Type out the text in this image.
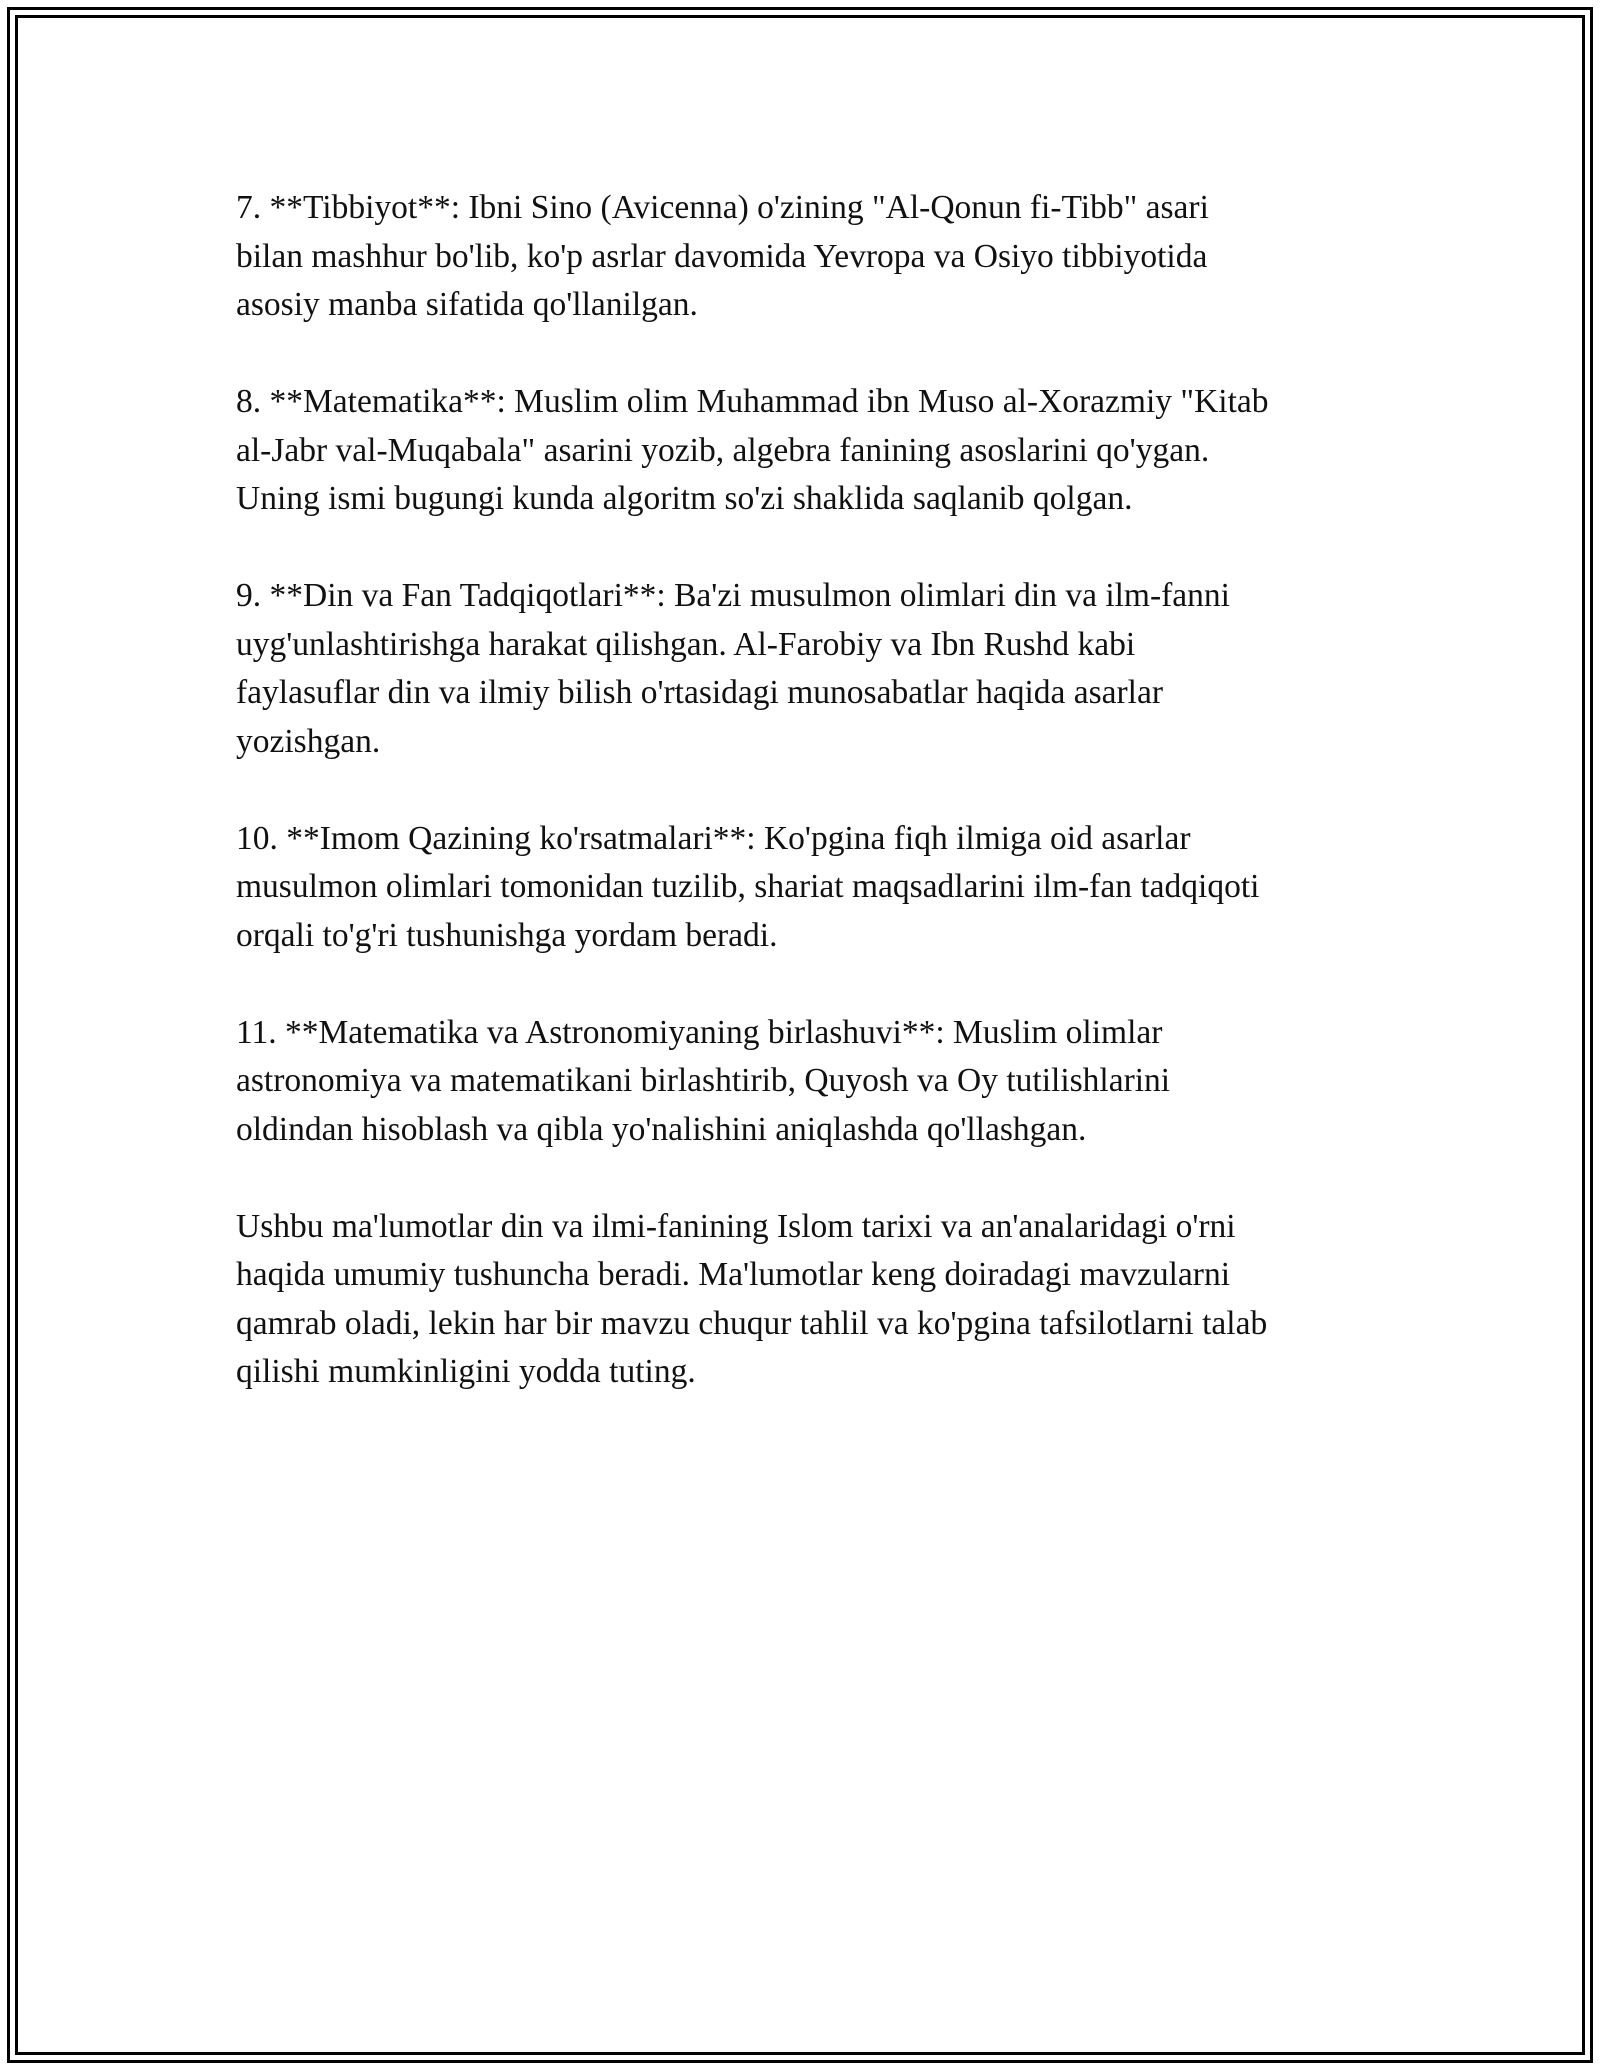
7. **Tibbiyot**: Ibni Sino (Avicenna) o'zining "Al-Qonun fi-Tibb" asari
bilan mashhur bo'lib, ko'p asrlar davomida Yevropa va Osiyo tibbiyotida
asosiy manba sifatida qo'llanilgan.

8. **Matematika**: Muslim olim Muhammad ibn Muso al-Xorazmiy "Kitab
al-Jabr val-Muqabala" asarini yozib, algebra fanining asoslarini qo'ygan.
Uning ismi bugungi kunda algoritm so'zi shaklida saqlanib qolgan.

9. **Din va Fan Tadqiqotlari**: Ba'zi musulmon olimlari din va ilm-fanni
uyg'unlashtirishga harakat qilishgan. Al-Farobiy va Ibn Rushd kabi
faylasuflar din va ilmiy bilish o'rtasidagi munosabatlar haqida asarlar
yozishgan.

10. **Imom Qazining ko'rsatmalari**: Ko'pgina fiqh ilmiga oid asarlar
musulmon olimlari tomonidan tuzilib, shariat maqsadlarini ilm-fan tadqiqoti
orqali to'g'ri tushunishga yordam beradi.

11. **Matematika va Astronomiyaning birlashuvi**: Muslim olimlar
astronomiya va matematikani birlashtirib, Quyosh va Oy tutilishlarini
oldindan hisoblash va qibla yo'nalishini aniqlashda qo'llashgan.

Ushbu ma'lumotlar din va ilmi-fanining Islom tarixi va an'analaridagi o'rni
haqida umumiy tushuncha beradi. Ma'lumotlar keng doiradagi mavzularni
qamrab oladi, lekin har bir mavzu chuqur tahlil va ko'pgina tafsilotlarni talab
qilishi mumkinligini yodda tuting.
